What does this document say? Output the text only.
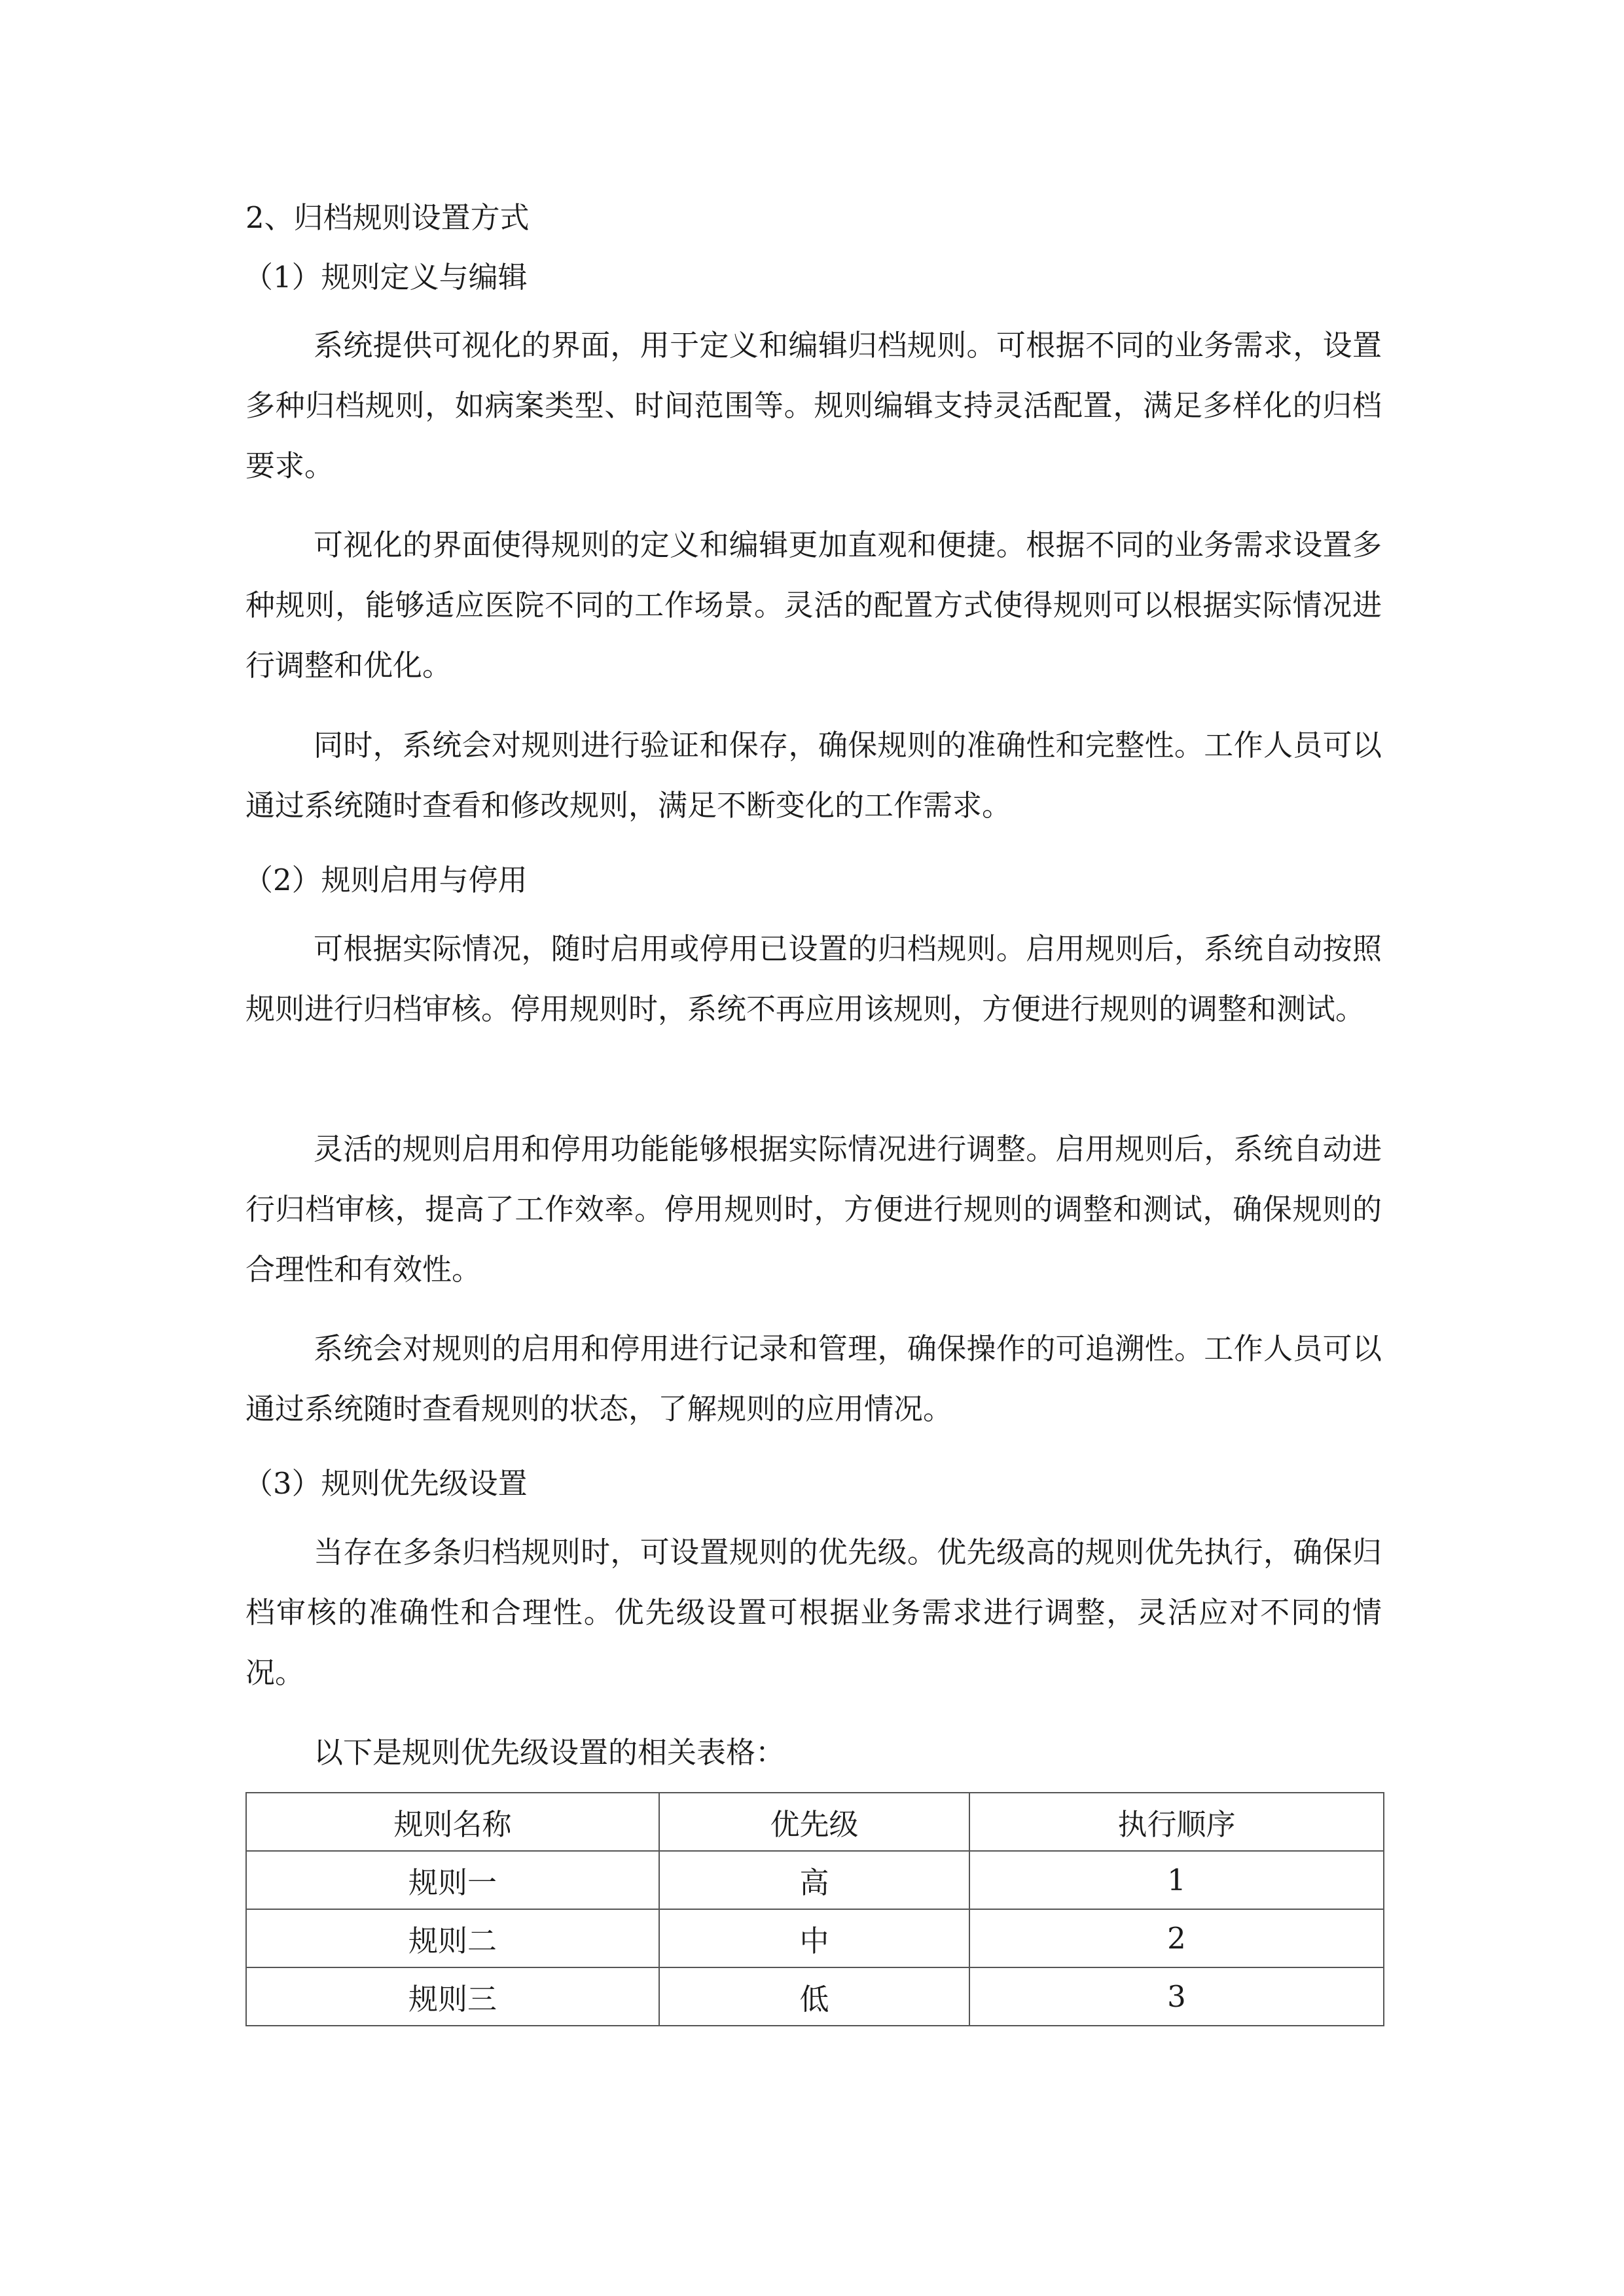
2、归档规则设置方式
（1）规则定义与编辑

系统提供可视化的界面，用于定义和编辑归档规则。可根据不同的业务需求，设置多种归档规则，如病案类型、时间范围等。规则编辑支持灵活配置，满足多样化的归档要求。

可视化的界面使得规则的定义和编辑更加直观和便捷。根据不同的业务需求设置多种规则，能够适应医院不同的工作场景。灵活的配置方式使得规则可以根据实际情况进行调整和优化。

同时，系统会对规则进行验证和保存，确保规则的准确性和完整性。工作人员可以通过系统随时查看和修改规则，满足不断变化的工作需求。

（2）规则启用与停用

可根据实际情况，随时启用或停用已设置的归档规则。启用规则后，系统自动按照规则进行归档审核。停用规则时，系统不再应用该规则，方便进行规则的调整和测试。

灵活的规则启用和停用功能能够根据实际情况进行调整。启用规则后，系统自动进行归档审核，提高了工作效率。停用规则时，方便进行规则的调整和测试，确保规则的合理性和有效性。

系统会对规则的启用和停用进行记录和管理，确保操作的可追溯性。工作人员可以通过系统随时查看规则的状态，了解规则的应用情况。

（3）规则优先级设置

当存在多条归档规则时，可设置规则的优先级。优先级高的规则优先执行，确保归档审核的准确性和合理性。优先级设置可根据业务需求进行调整，灵活应对不同的情况。

以下是规则优先级设置的相关表格：

规则名称	优先级	执行顺序
规则一	高	1
规则二	中	2
规则三	低	3
